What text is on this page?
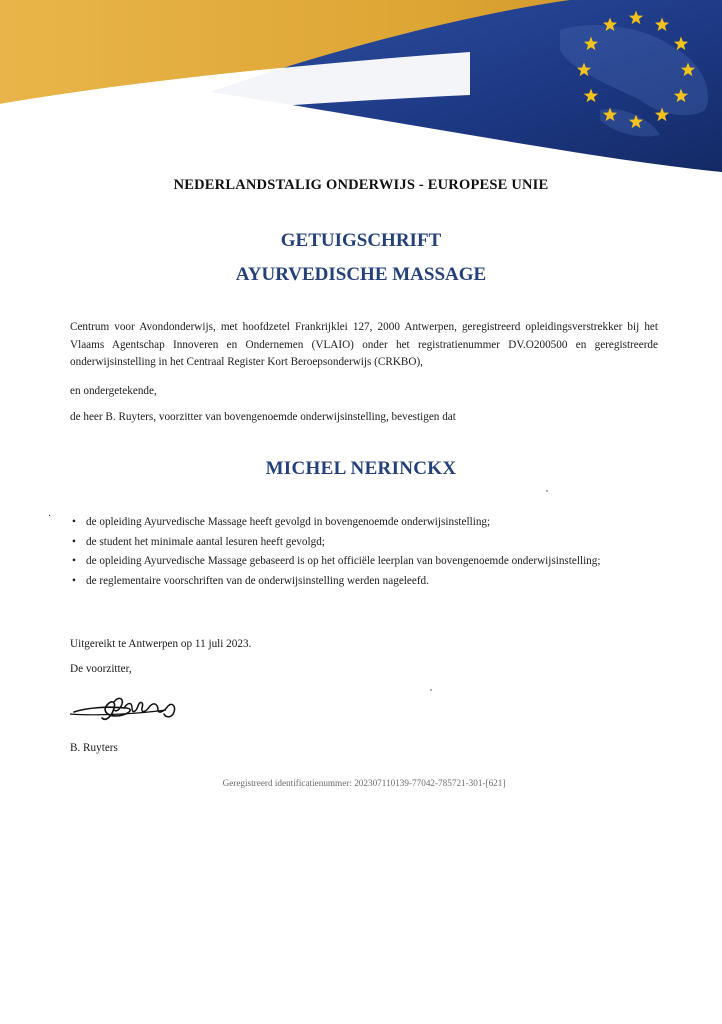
NEDERLANDSTALIG ONDERWIJS - EUROPESE UNIE
GETUIGSCHRIFT
AYURVEDISCHE MASSAGE
Centrum voor Avondonderwijs, met hoofdzetel Frankrijklei 127, 2000 Antwerpen, geregistreerd opleidingsverstrekker bij het Vlaams Agentschap Innoveren en Ondernemen (VLAIO) onder het registratienummer DV.O200500 en geregistreerde onderwijsinstelling in het Centraal Register Kort Beroepsonderwijs (CRKBO),
en ondergetekende,
de heer B. Ruyters, voorzitter van bovengenoemde onderwijsinstelling, bevestigen dat
MICHEL NERINCKX
· • de opleiding Ayurvedische Massage heeft gevolgd in bovengenoemde onderwijsinstelling;
• de student het minimale aantal lesuren heeft gevolgd;
• de opleiding Ayurvedische Massage gebaseerd is op het officiële leerplan van bovengenoemde onderwijsinstelling;
• de reglementaire voorschriften van de onderwijsinstelling werden nageleefd.
Uitgereikt te Antwerpen op 11 juli 2023.
De voorzitter,
B. Ruyters
Geregistreerd identificatienummer: 202307110139-77042-785721-301-[621]
